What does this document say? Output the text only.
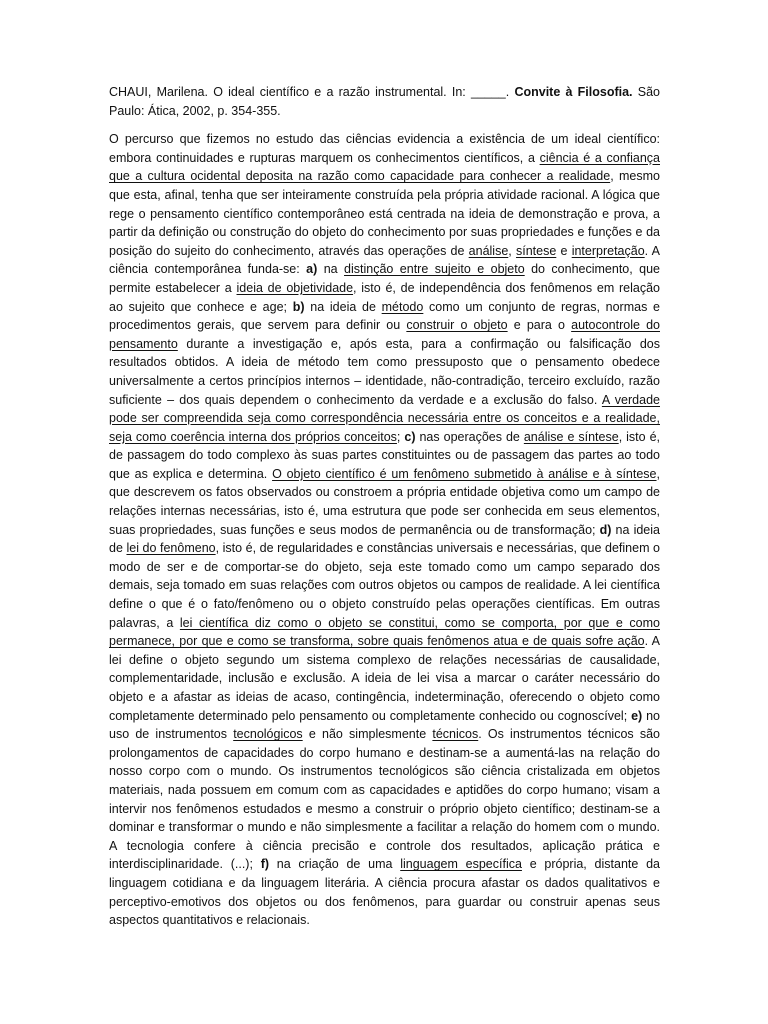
CHAUI, Marilena. O ideal científico e a razão instrumental. In: _____. Convite à Filosofia. São Paulo: Ática, 2002, p. 354-355.

O percurso que fizemos no estudo das ciências evidencia a existência de um ideal científico: embora continuidades e rupturas marquem os conhecimentos científicos, a ciência é a confiança que a cultura ocidental deposita na razão como capacidade para conhecer a realidade, mesmo que esta, afinal, tenha que ser inteiramente construída pela própria atividade racional. A lógica que rege o pensamento científico contemporâneo está centrada na ideia de demonstração e prova, a partir da definição ou construção do objeto do conhecimento por suas propriedades e funções e da posição do sujeito do conhecimento, através das operações de análise, síntese e interpretação. A ciência contemporânea funda-se: a) na distinção entre sujeito e objeto do conhecimento, que permite estabelecer a ideia de objetividade, isto é, de independência dos fenômenos em relação ao sujeito que conhece e age; b) na ideia de método como um conjunto de regras, normas e procedimentos gerais, que servem para definir ou construir o objeto e para o autocontrole do pensamento durante a investigação e, após esta, para a confirmação ou falsificação dos resultados obtidos. A ideia de método tem como pressuposto que o pensamento obedece universalmente a certos princípios internos – identidade, não-contradição, terceiro excluído, razão suficiente – dos quais dependem o conhecimento da verdade e a exclusão do falso. A verdade pode ser compreendida seja como correspondência necessária entre os conceitos e a realidade, seja como coerência interna dos próprios conceitos; c) nas operações de análise e síntese, isto é, de passagem do todo complexo às suas partes constituintes ou de passagem das partes ao todo que as explica e determina. O objeto científico é um fenômeno submetido à análise e à síntese, que descrevem os fatos observados ou constroem a própria entidade objetiva como um campo de relações internas necessárias, isto é, uma estrutura que pode ser conhecida em seus elementos, suas propriedades, suas funções e seus modos de permanência ou de transformação; d) na ideia de lei do fenômeno, isto é, de regularidades e constâncias universais e necessárias, que definem o modo de ser e de comportar-se do objeto, seja este tomado como um campo separado dos demais, seja tomado em suas relações com outros objetos ou campos de realidade. A lei científica define o que é o fato/fenômeno ou o objeto construído pelas operações científicas. Em outras palavras, a lei científica diz como o objeto se constitui, como se comporta, por que e como permanece, por que e como se transforma, sobre quais fenômenos atua e de quais sofre ação. A lei define o objeto segundo um sistema complexo de relações necessárias de causalidade, complementaridade, inclusão e exclusão. A ideia de lei visa a marcar o caráter necessário do objeto e a afastar as ideias de acaso, contingência, indeterminação, oferecendo o objeto como completamente determinado pelo pensamento ou completamente conhecido ou cognoscível; e) no uso de instrumentos tecnológicos e não simplesmente técnicos. Os instrumentos técnicos são prolongamentos de capacidades do corpo humano e destinam-se a aumentá-las na relação do nosso corpo com o mundo. Os instrumentos tecnológicos são ciência cristalizada em objetos materiais, nada possuem em comum com as capacidades e aptidões do corpo humano; visam a intervir nos fenômenos estudados e mesmo a construir o próprio objeto científico; destinam-se a dominar e transformar o mundo e não simplesmente a facilitar a relação do homem com o mundo. A tecnologia confere à ciência precisão e controle dos resultados, aplicação prática e interdisciplinaridade. (...); f) na criação de uma linguagem específica e própria, distante da linguagem cotidiana e da linguagem literária. A ciência procura afastar os dados qualitativos e perceptivo-emotivos dos objetos ou dos fenômenos, para guardar ou construir apenas seus aspectos quantitativos e relacionais.
